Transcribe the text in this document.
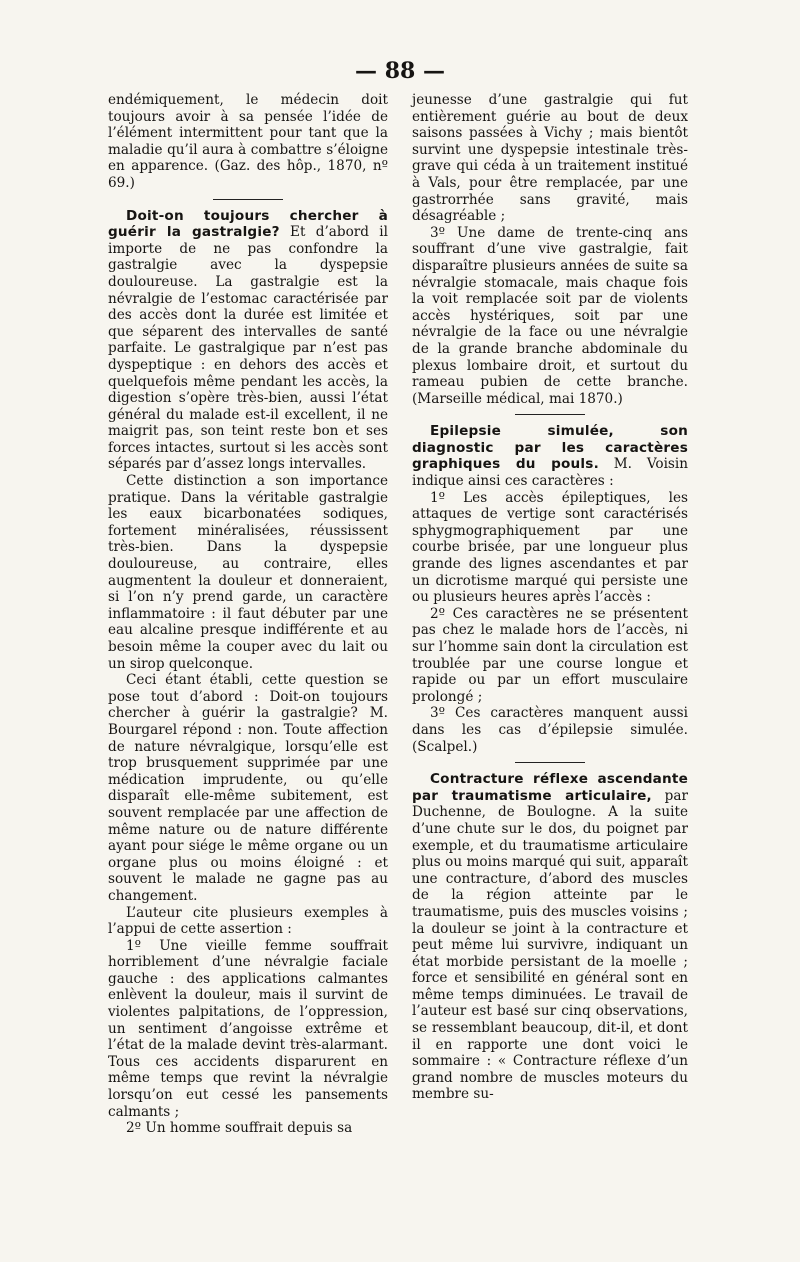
— 88 —

endémiquement, le médecin doit toujours avoir à sa pensée l’idée de l’élément intermittent pour tant que la maladie qu’il aura à combattre s’éloigne en apparence. (Gaz. des hôp., 1870, nº 69.)

Doit-on toujours chercher à guérir la gastralgie? Et d’abord il importe de ne pas confondre la gastralgie avec la dyspepsie douloureuse. La gastralgie est la névralgie de l’estomac caractérisée par des accès dont la durée est limitée et que séparent des intervalles de santé parfaite. Le gastralgique par n’est pas dyspeptique : en dehors des accès et quelquefois même pendant les accès, la digestion s’opère très-bien, aussi l’état général du malade est-il excellent, il ne maigrit pas, son teint reste bon et ses forces intactes, surtout si les accès sont séparés par d’assez longs intervalles.

Cette distinction a son importance pratique. Dans la véritable gastralgie les eaux bicarbonatées sodiques, fortement minéralisées, réussissent très-bien. Dans la dyspepsie douloureuse, au contraire, elles augmentent la douleur et donneraient, si l’on n’y prend garde, un caractère inflammatoire : il faut débuter par une eau alcaline presque indifférente et au besoin même la couper avec du lait ou un sirop quelconque.

Ceci étant établi, cette question se pose tout d’abord : Doit-on toujours chercher à guérir la gastralgie? M. Bourgarel répond : non. Toute affection de nature névralgique, lorsqu’elle est trop brusquement supprimée par une médication imprudente, ou qu’elle disparaît elle-même subitement, est souvent remplacée par une affection de même nature ou de nature différente ayant pour siége le même organe ou un organe plus ou moins éloigné : et souvent le malade ne gagne pas au changement.

L’auteur cite plusieurs exemples à l’appui de cette assertion :

1º Une vieille femme souffrait horriblement d’une névralgie faciale gauche : des applications calmantes enlèvent la douleur, mais il survint de violentes palpitations, de l’oppression, un sentiment d’angoisse extrême et l’état de la malade devint très-alarmant. Tous ces accidents disparurent en même temps que revint la névralgie lorsqu’on eut cessé les pansements calmants ;

2º Un homme souffrait depuis sa

jeunesse d’une gastralgie qui fut entièrement guérie au bout de deux saisons passées à Vichy ; mais bientôt survint une dyspepsie intestinale très-grave qui céda à un traitement institué à Vals, pour être remplacée, par une gastrorrhée sans gravité, mais désagréable ;

3º Une dame de trente-cinq ans souffrant d’une vive gastralgie, fait disparaître plusieurs années de suite sa névralgie stomacale, mais chaque fois la voit remplacée soit par de violents accès hystériques, soit par une névralgie de la face ou une névralgie de la grande branche abdominale du plexus lombaire droit, et surtout du rameau pubien de cette branche. (Marseille médical, mai 1870.)

Epilepsie simulée, son diagnostic par les caractères graphiques du pouls. M. Voisin indique ainsi ces caractères :

1º Les accès épileptiques, les attaques de vertige sont caractérisés sphygmographiquement par une courbe brisée, par une longueur plus grande des lignes ascendantes et par un dicrotisme marqué qui persiste une ou plusieurs heures après l’accès :

2º Ces caractères ne se présentent pas chez le malade hors de l’accès, ni sur l’homme sain dont la circulation est troublée par une course longue et rapide ou par un effort musculaire prolongé ;

3º Ces caractères manquent aussi dans les cas d’épilepsie simulée. (Scalpel.)

Contracture réflexe ascendante par traumatisme articulaire, par Duchenne, de Boulogne. A la suite d’une chute sur le dos, du poignet par exemple, et du traumatisme articulaire plus ou moins marqué qui suit, apparaît une contracture, d’abord des muscles de la région atteinte par le traumatisme, puis des muscles voisins ; la douleur se joint à la contracture et peut même lui survivre, indiquant un état morbide persistant de la moelle ; force et sensibilité en général sont en même temps diminuées. Le travail de l’auteur est basé sur cinq observations, se ressemblant beaucoup, dit-il, et dont il en rapporte une dont voici le sommaire : « Contracture réflexe d’un grand nombre de muscles moteurs du membre su-
